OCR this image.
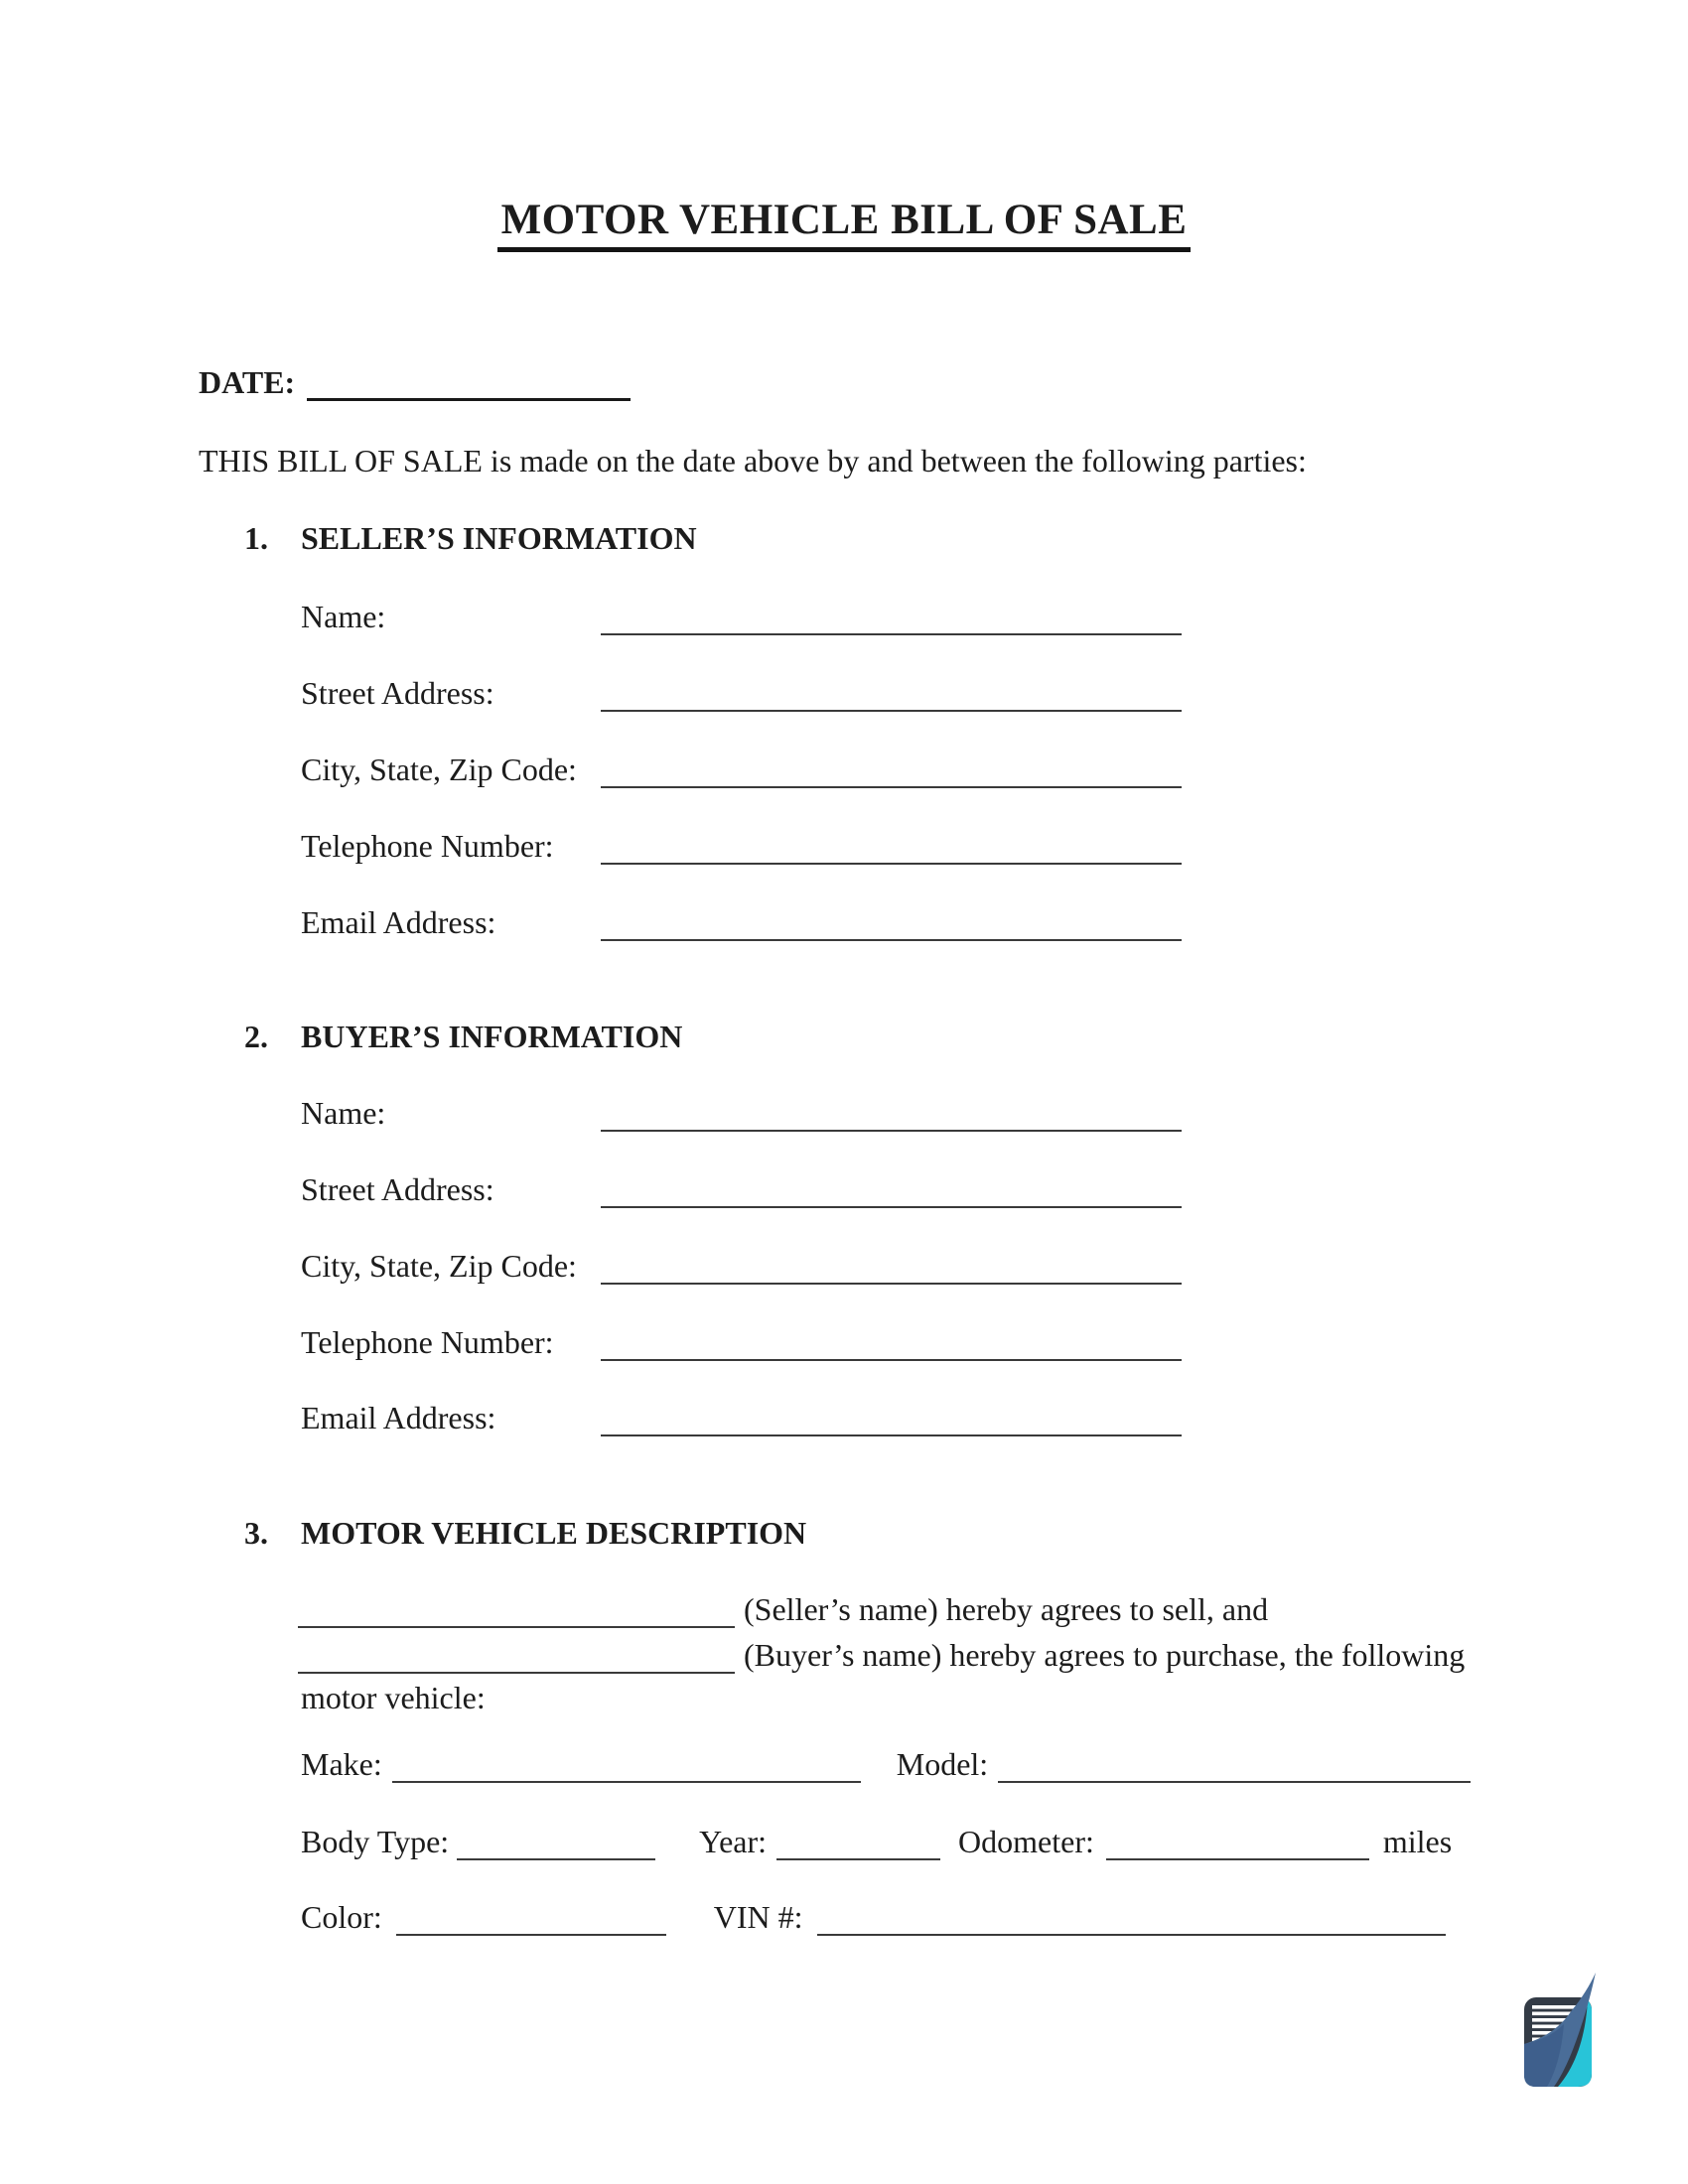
MOTOR VEHICLE BILL OF SALE
DATE:
THIS BILL OF SALE is made on the date above by and between the following parties:
1.	SELLER’S INFORMATION
Name:
Street Address:
City, State, Zip Code:
Telephone Number:
Email Address:
2.	BUYER’S INFORMATION
Name:
Street Address:
City, State, Zip Code:
Telephone Number:
Email Address:
3.	MOTOR VEHICLE DESCRIPTION
(Seller’s name) hereby agrees to sell, and
(Buyer’s name) hereby agrees to purchase, the following
motor vehicle:
Make:	Model:
Body Type:	Year:	Odometer:	miles
Color:	VIN #:
